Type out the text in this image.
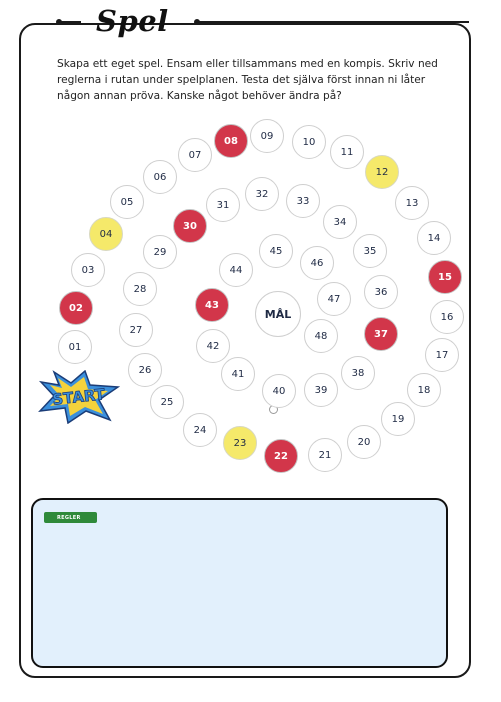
Spel
Skapa ett eget spel. Ensam eller tillsammans med en kompis. Skriv ned reglerna i rutan under spelplanen. Testa det själva först innan ni låter någon annan pröva. Kanske något behöver ändra på?
MÅL
START
01
02
03
04
05
06
07
08	09
10
11
12
13
14
15
16
17
18
19
20
21
22
23
24
25
26
27
28
29
30
31
32
33
34
35
36
37
38
39
40
41
42
43
44
45
46
47
48
REGLER
